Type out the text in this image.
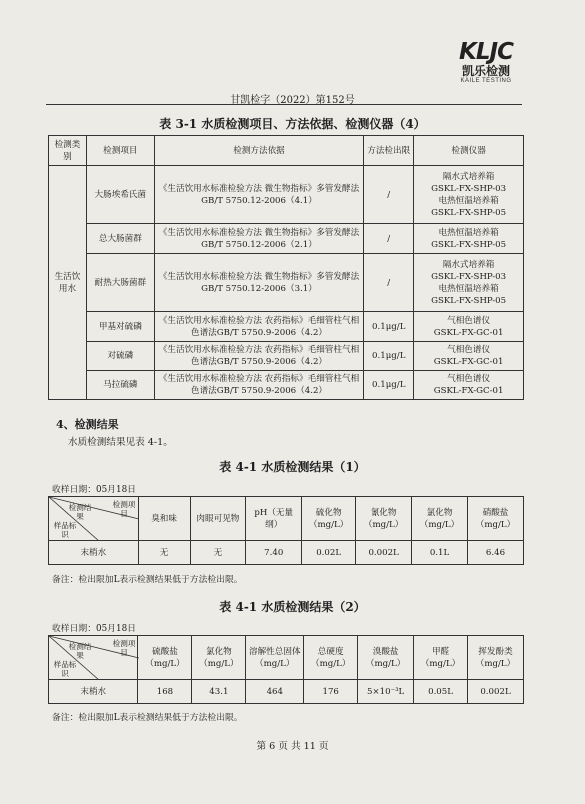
KLJC
凯乐检测
KAILE TESTING
甘凯检字（2022）第152号
表 3-1 水质检测项目、方法依据、检测仪器（4）
检测类别	检测项目	检测方法依据	方法检出限	检测仪器
生活饮用水	大肠埃希氏菌	《生活饮用水标准检验方法 微生物指标》多管发酵法GB/T 5750.12-2006（4.1）	/	隔水式培养箱
GSKL-FX-SHP-03
电热恒温培养箱
GSKL-FX-SHP-05

	总大肠菌群	《生活饮用水标准检验方法 微生物指标》多管发酵法GB/T 5750.12-2006（2.1）	/	电热恒温培养箱
GSKL-FX-SHP-05

	耐热大肠菌群	《生活饮用水标准检验方法 微生物指标》多管发酵法GB/T 5750.12-2006（3.1）	/	隔水式培养箱
GSKL-FX-SHP-03
电热恒温培养箱
GSKL-FX-SHP-05

	甲基对硫磷	《生活饮用水标准检验方法 农药指标》毛细管柱气相色谱法GB/T 5750.9-2006（4.2）	0.1μg/L	气相色谱仪
GSKL-FX-GC-01

	对硫磷	《生活饮用水标准检验方法 农药指标》毛细管柱气相色谱法GB/T 5750.9-2006（4.2）	0.1μg/L	气相色谱仪
GSKL-FX-GC-01

	马拉硫磷	《生活饮用水标准检验方法 农药指标》毛细管柱气相色谱法GB/T 5750.9-2006（4.2）	0.1μg/L	气相色谱仪
GSKL-FX-GC-01
4、检测结果
水质检测结果见表 4-1。
表 4-1 水质检测结果（1）
收样日期：05月18日
检测项目
检测结果
样品标识	臭和味	肉眼可见物	pH（无量纲）	硫化物（mg/L）	氰化物（mg/L）	氯化物（mg/L）	硝酸盐（mg/L）
末梢水	无	无	7.40	0.02L	0.002L	0.1L	6.46
备注：检出限加L表示检测结果低于方法检出限。
表 4-1 水质检测结果（2）
收样日期：05月18日
检测项目
检测结果
样品标识	硫酸盐（mg/L）	氯化物（mg/L）	溶解性总固体（mg/L）	总硬度（mg/L）	溴酸盐（mg/L）	甲醛（mg/L）	挥发酚类（mg/L）
末梢水	168	43.1	464	176	5×10⁻³L	0.05L	0.002L
备注：检出限加L表示检测结果低于方法检出限。
第 6 页 共 11 页
